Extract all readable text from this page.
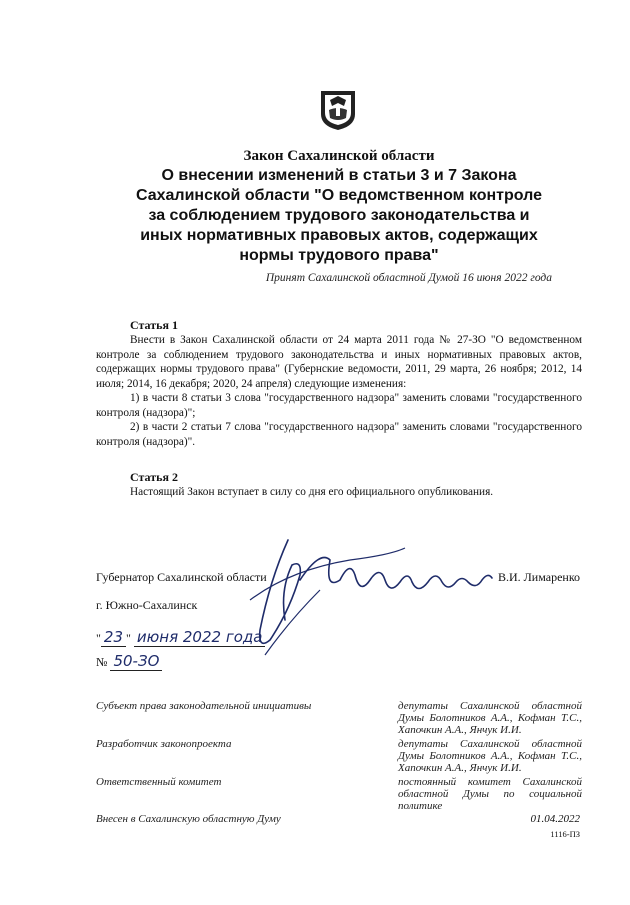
Закон Сахалинской области
О внесении изменений в статьи 3 и 7 Закона
Сахалинской области "О ведомственном контроле
за соблюдением трудового законодательства и
иных нормативных правовых актов, содержащих
нормы трудового права"
Принят Сахалинской областной Думой 16 июня 2022 года
Статья 1
Внести в Закон Сахалинской области от 24 марта 2011 года № 27-ЗО "О ведомственном контроле за соблюдением трудового законодательства и иных нормативных правовых актов, содержащих нормы трудового права" (Губернские ведомости, 2011, 29 марта, 26 ноября; 2012, 14 июля; 2014, 16 декабря; 2020, 24 апреля) следующие изменения:
1) в части 8 статьи 3 слова "государственного надзора" заменить словами "государственного контроля (надзора)";
2) в части 2 статьи 7 слова "государственного надзора" заменить словами "государственного контроля (надзора)".
Статья 2
Настоящий Закон вступает в силу со дня его официального опубликования.
Губернатор Сахалинской области	В.И. Лимаренко
г. Южно-Сахалинск
" 23 " июня 2022 года
№ 50-ЗО
Субъект права законодательной инициативы	депутаты Сахалинской областной Думы Болотников А.А., Кофман Т.С., Хапочкин А.А., Янчук И.И.
Разработчик законопроекта	депутаты Сахалинской областной Думы Болотников А.А., Кофман Т.С., Хапочкин А.А., Янчук И.И.
Ответственный комитет	постоянный комитет Сахалинской областной Думы по социальной политике
Внесен в Сахалинскую областную Думу	01.04.2022
1116-ПЗ
